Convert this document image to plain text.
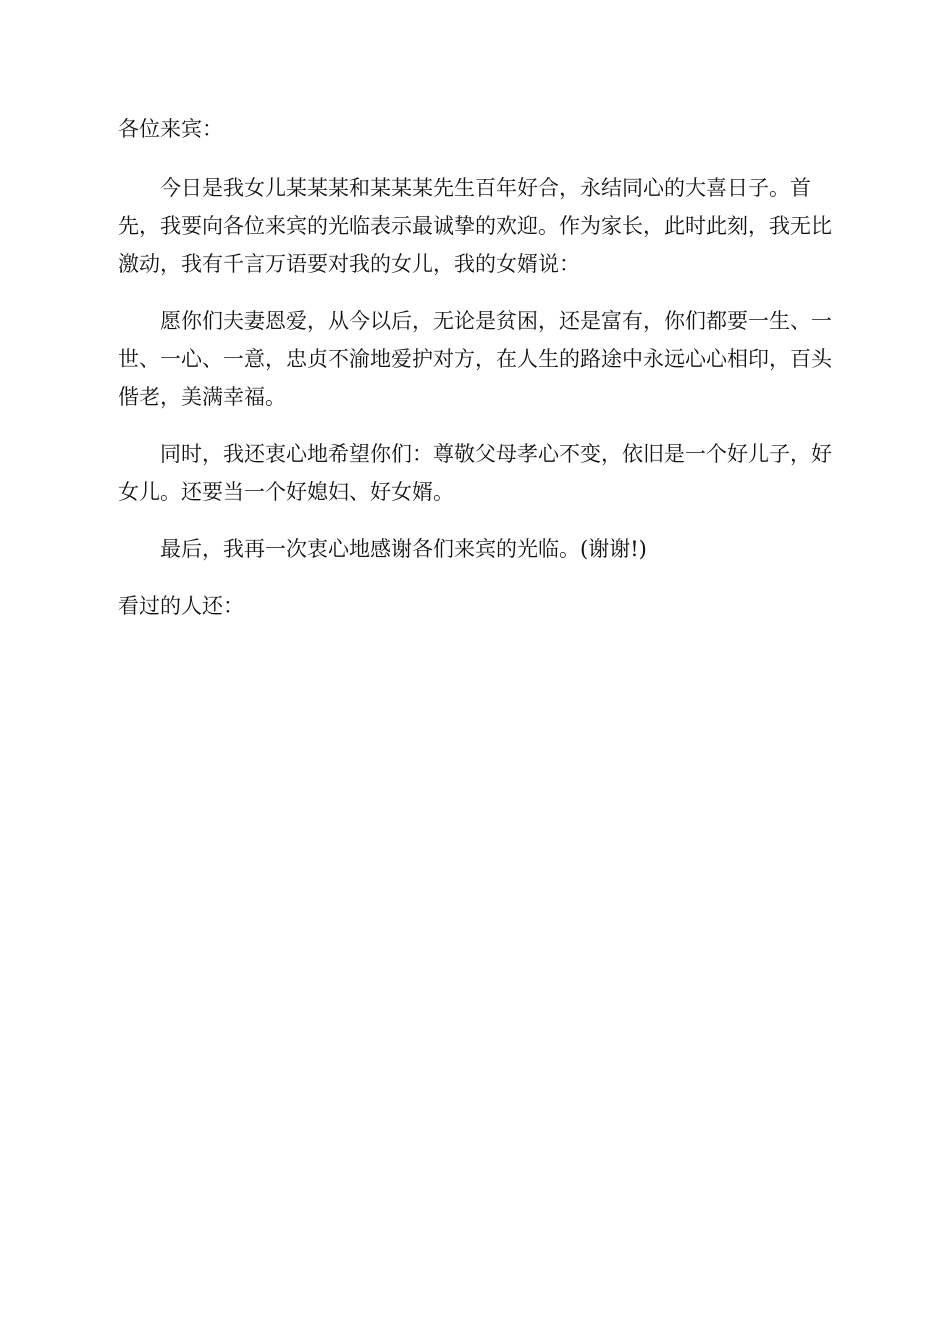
各位来宾：

今日是我女儿某某某和某某某先生百年好合，永结同心的大喜日子。首先，我要向各位来宾的光临表示最诚挚的欢迎。作为家长，此时此刻，我无比激动，我有千言万语要对我的女儿，我的女婿说：

愿你们夫妻恩爱，从今以后，无论是贫困，还是富有，你们都要一生、一世、一心、一意，忠贞不渝地爱护对方，在人生的路途中永远心心相印，百头偕老，美满幸福。

同时，我还衷心地希望你们：尊敬父母孝心不变，依旧是一个好儿子，好女儿。还要当一个好媳妇、好女婿。

最后，我再一次衷心地感谢各们来宾的光临。(谢谢!)

看过的人还：
